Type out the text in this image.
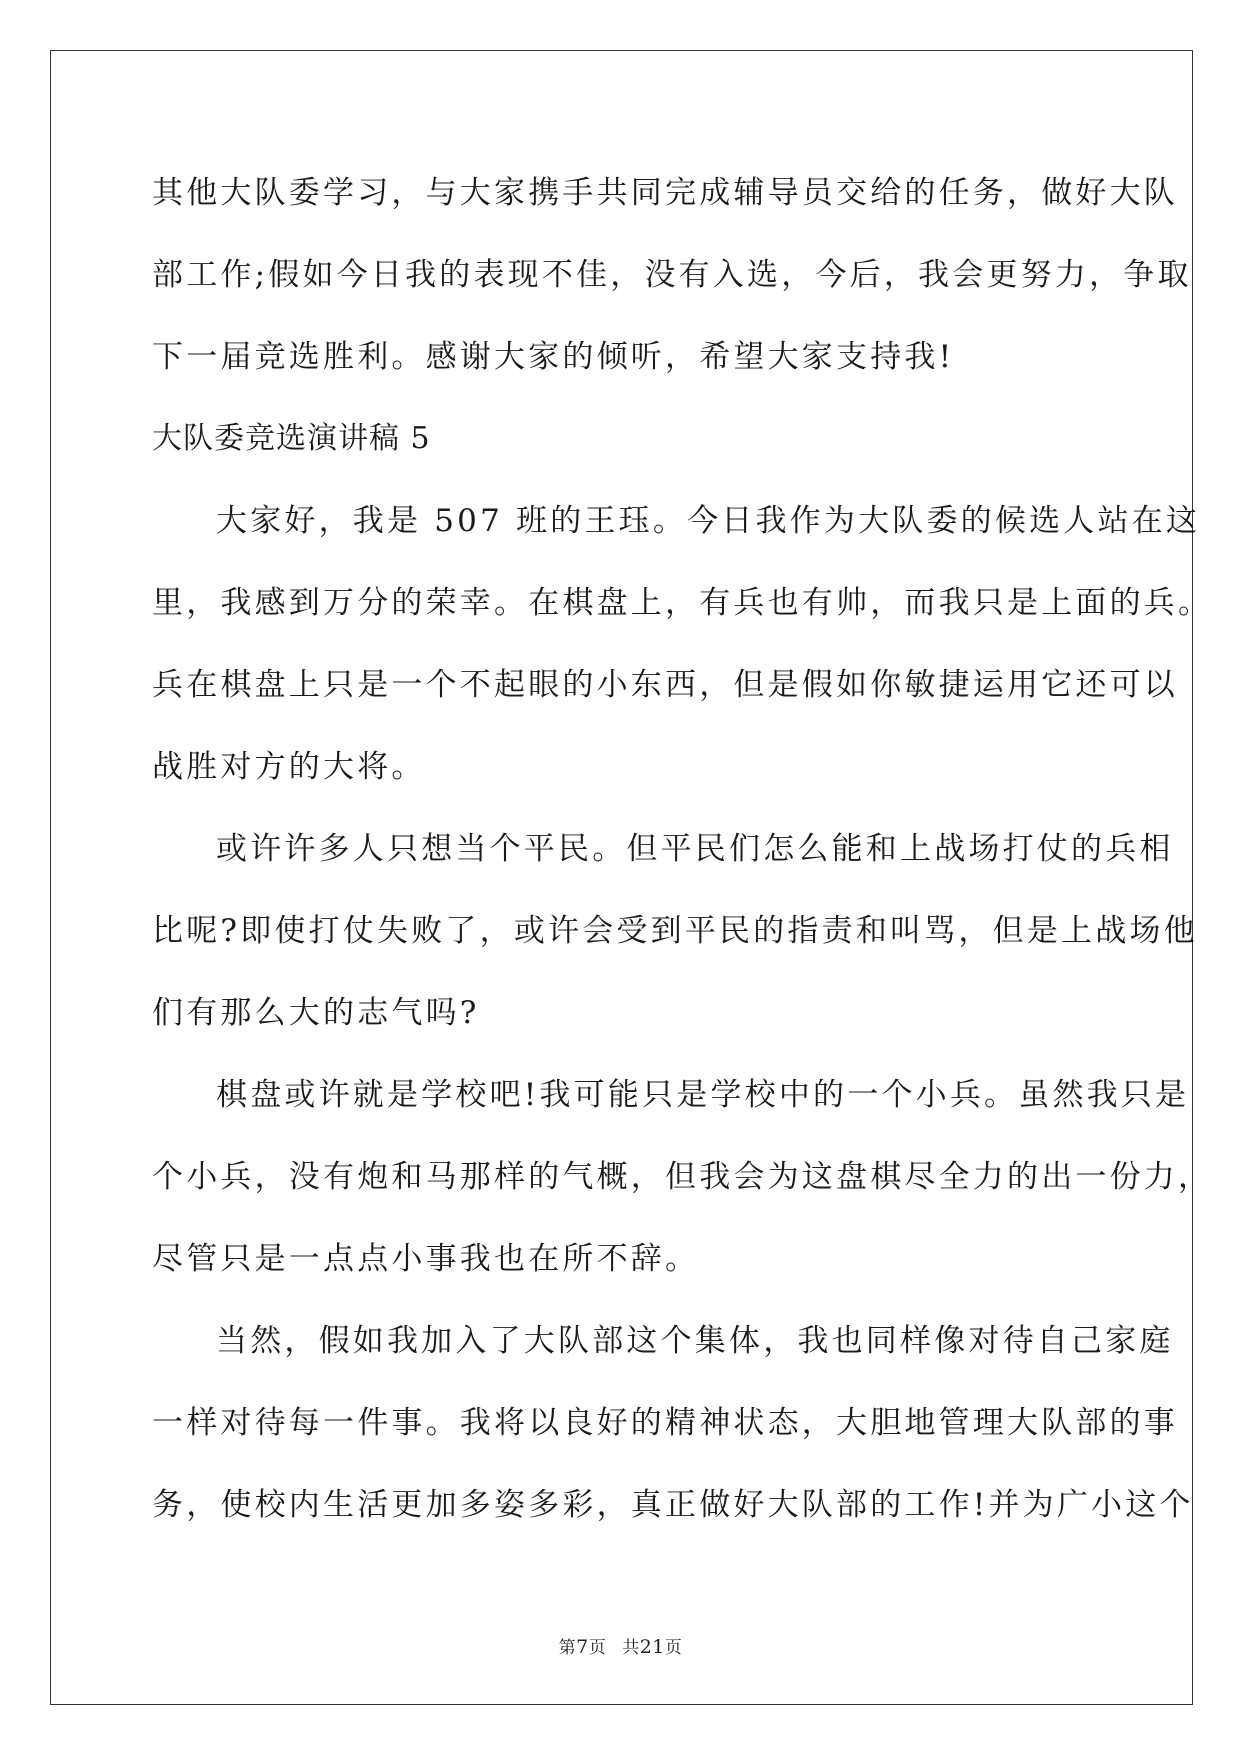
其他大队委学习，与大家携手共同完成辅导员交给的任务，做好大队
部工作;假如今日我的表现不佳，没有入选，今后，我会更努力，争取
下一届竞选胜利。感谢大家的倾听，希望大家支持我!
大队委竞选演讲稿 5
大家好，我是 507 班的王珏。今日我作为大队委的候选人站在这
里，我感到万分的荣幸。在棋盘上，有兵也有帅，而我只是上面的兵。
兵在棋盘上只是一个不起眼的小东西，但是假如你敏捷运用它还可以
战胜对方的大将。
或许许多人只想当个平民。但平民们怎么能和上战场打仗的兵相
比呢?即使打仗失败了，或许会受到平民的指责和叫骂，但是上战场他
们有那么大的志气吗?
棋盘或许就是学校吧!我可能只是学校中的一个小兵。虽然我只是
个小兵，没有炮和马那样的气概，但我会为这盘棋尽全力的出一份力，
尽管只是一点点小事我也在所不辞。
当然，假如我加入了大队部这个集体，我也同样像对待自己家庭
一样对待每一件事。我将以良好的精神状态，大胆地管理大队部的事
务，使校内生活更加多姿多彩，真正做好大队部的工作!并为广小这个
第7页 共21页
